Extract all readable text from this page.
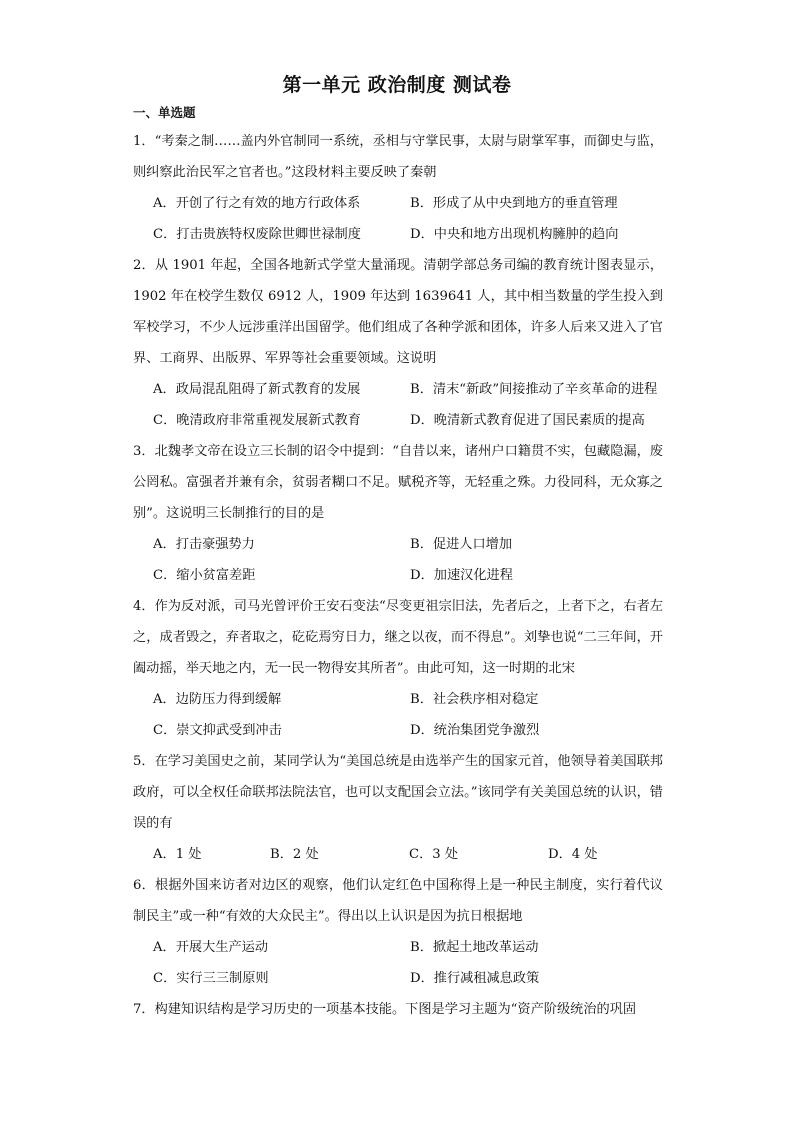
第一单元 政治制度 测试卷
一、单选题

1．“考秦之制……盖内外官制同一系统，丞相与守掌民事，太尉与尉掌军事，而御史与监，则纠察此治民军之官者也。”这段材料主要反映了秦朝

A．开创了行之有效的地方行政体系	B．形成了从中央到地方的垂直管理
C．打击贵族特权废除世卿世禄制度	D．中央和地方出现机构臃肿的趋向

2．从 1901 年起，全国各地新式学堂大量涌现。清朝学部总务司编的教育统计图表显示，1902 年在校学生数仅 6912 人，1909 年达到 1639641 人，其中相当数量的学生投入到军校学习，不少人远涉重洋出国留学。他们组成了各种学派和团体，许多人后来又进入了官界、工商界、出版界、军界等社会重要领域。这说明

A．政局混乱阻碍了新式教育的发展	B．清末“新政”间接推动了辛亥革命的进程
C．晚清政府非常重视发展新式教育	D．晚清新式教育促进了国民素质的提高

3．北魏孝文帝在设立三长制的诏令中提到：“自昔以来，诸州户口籍贯不实，包藏隐漏，废公罔私。富强者并兼有余，贫弱者糊口不足。赋税齐等，无轻重之殊。力役同科，无众寡之别”。这说明三长制推行的目的是

A．打击豪强势力	B．促进人口增加
C．缩小贫富差距	D．加速汉化进程

4．作为反对派，司马光曾评价王安石变法“尽变更祖宗旧法，先者后之，上者下之，右者左之，成者毁之，弃者取之，矻矻焉穷日力，继之以夜，而不得息”。刘挚也说“二三年间，开阖动摇，举天地之内，无一民一物得安其所者”。由此可知，这一时期的北宋

A．边防压力得到缓解	B．社会秩序相对稳定
C．崇文抑武受到冲击	D．统治集团党争激烈

5．在学习美国史之前，某同学认为“美国总统是由选举产生的国家元首，他领导着美国联邦政府，可以全权任命联邦法院法官，也可以支配国会立法。”该同学有关美国总统的认识，错误的有

A．1 处	B．2 处	C．3 处	D．4 处

6．根据外国来访者对边区的观察，他们认定红色中国称得上是一种民主制度，实行着代议制民主”或一种“有效的大众民主”。得出以上认识是因为抗日根据地

A．开展大生产运动	B．掀起土地改革运动
C．实行三三制原则	D．推行减租减息政策

7．构建知识结构是学习历史的一项基本技能。下图是学习主题为“资产阶级统治的巩固
